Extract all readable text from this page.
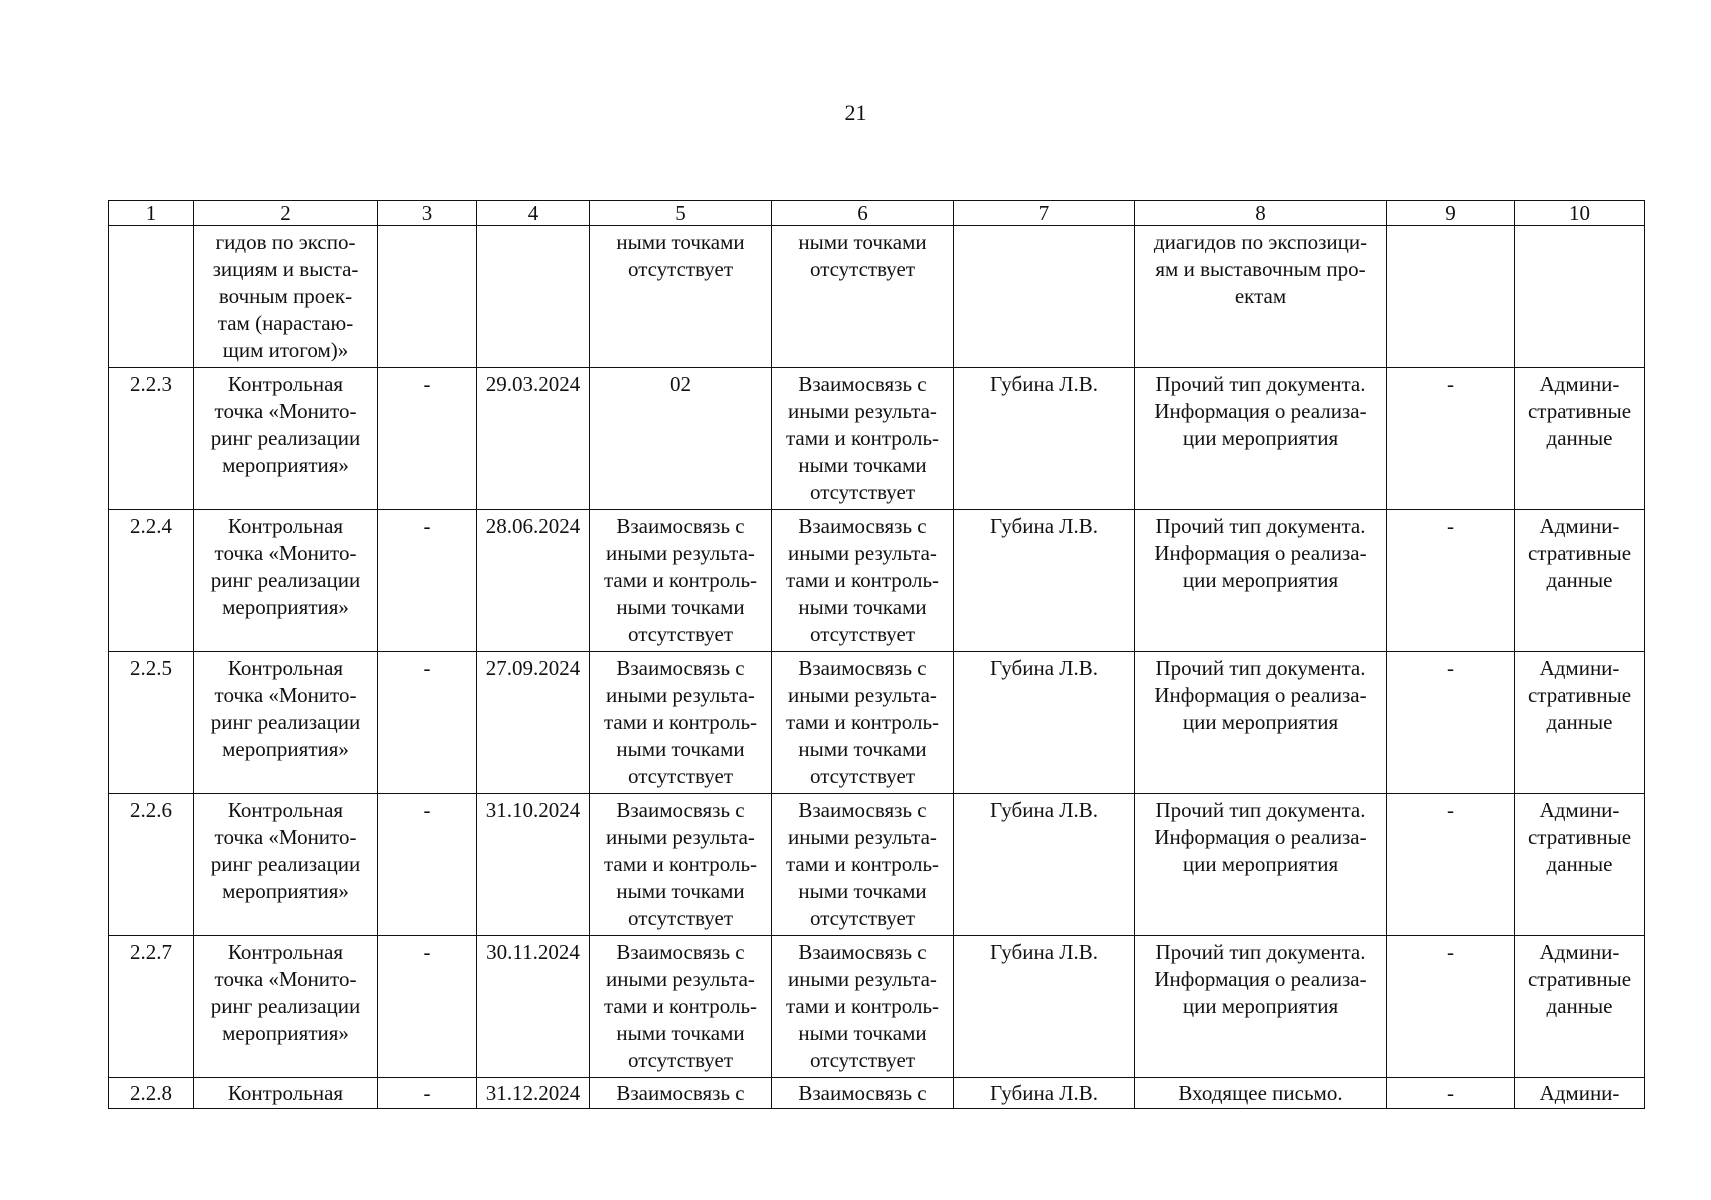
21
1	2	3	4	5	6	7	8	9	10
	гидов по экспо-
зициям и выста-
вочным проек-
там (нарастаю-
щим итогом)»			ными точками
отсутствует	ными точками
отсутствует		диагидов по экспозици-
ям и выставочным про-
ектам		
2.2.3	Контрольная
точка «Монито-
ринг реализации
мероприятия»	-	29.03.2024	02	Взаимосвязь с
иными результа-
тами и контроль-
ными точками
отсутствует	Губина Л.В.	Прочий тип документа.
Информация о реализа-
ции мероприятия	-	Админи-
стративные
данные
2.2.4	Контрольная
точка «Монито-
ринг реализации
мероприятия»	-	28.06.2024	Взаимосвязь с
иными результа-
тами и контроль-
ными точками
отсутствует	Взаимосвязь с
иными результа-
тами и контроль-
ными точками
отсутствует	Губина Л.В.	Прочий тип документа.
Информация о реализа-
ции мероприятия	-	Админи-
стративные
данные
2.2.5	Контрольная
точка «Монито-
ринг реализации
мероприятия»	-	27.09.2024	Взаимосвязь с
иными результа-
тами и контроль-
ными точками
отсутствует	Взаимосвязь с
иными результа-
тами и контроль-
ными точками
отсутствует	Губина Л.В.	Прочий тип документа.
Информация о реализа-
ции мероприятия	-	Админи-
стративные
данные
2.2.6	Контрольная
точка «Монито-
ринг реализации
мероприятия»	-	31.10.2024	Взаимосвязь с
иными результа-
тами и контроль-
ными точками
отсутствует	Взаимосвязь с
иными результа-
тами и контроль-
ными точками
отсутствует	Губина Л.В.	Прочий тип документа.
Информация о реализа-
ции мероприятия	-	Админи-
стративные
данные
2.2.7	Контрольная
точка «Монито-
ринг реализации
мероприятия»	-	30.11.2024	Взаимосвязь с
иными результа-
тами и контроль-
ными точками
отсутствует	Взаимосвязь с
иными результа-
тами и контроль-
ными точками
отсутствует	Губина Л.В.	Прочий тип документа.
Информация о реализа-
ции мероприятия	-	Админи-
стративные
данные
2.2.8	Контрольная	-	31.12.2024	Взаимосвязь с	Взаимосвязь с	Губина Л.В.	Входящее письмо.	-	Админи-
